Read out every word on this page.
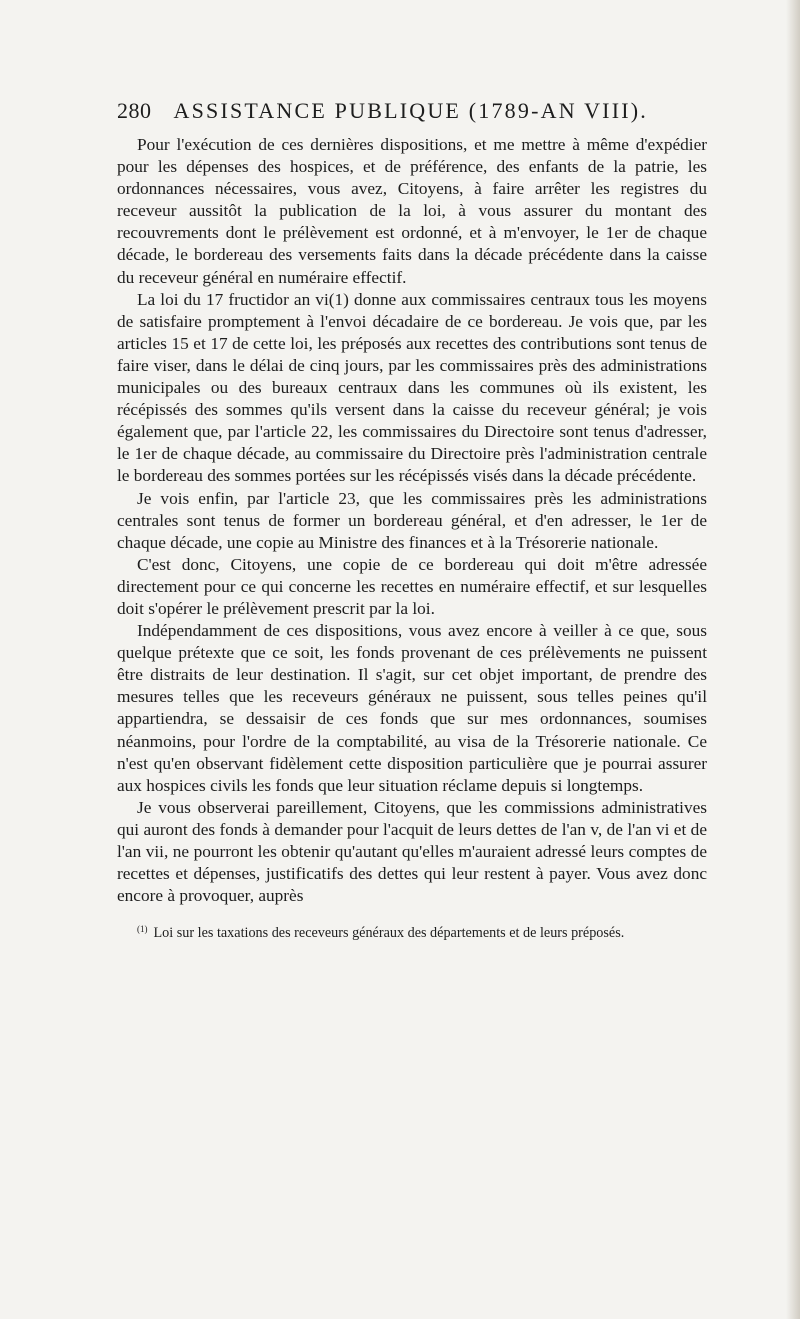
280 ASSISTANCE PUBLIQUE (1789-AN VIII).

Pour l'exécution de ces dernières dispositions, et me mettre à même d'expédier pour les dépenses des hospices, et de préférence, des enfants de la patrie, les ordonnances nécessaires, vous avez, Citoyens, à faire arrêter les registres du receveur aussitôt la publication de la loi, à vous assurer du montant des recouvrements dont le prélèvement est ordonné, et à m'envoyer, le 1er de chaque décade, le bordereau des versements faits dans la décade précédente dans la caisse du receveur général en numéraire effectif.

La loi du 17 fructidor an vi(1) donne aux commissaires centraux tous les moyens de satisfaire promptement à l'envoi décadaire de ce bordereau. Je vois que, par les articles 15 et 17 de cette loi, les préposés aux recettes des contributions sont tenus de faire viser, dans le délai de cinq jours, par les commissaires près des administrations municipales ou des bureaux centraux dans les communes où ils existent, les récépissés des sommes qu'ils versent dans la caisse du receveur général; je vois également que, par l'article 22, les commissaires du Directoire sont tenus d'adresser, le 1er de chaque décade, au commissaire du Directoire près l'administration centrale le bordereau des sommes portées sur les récépissés visés dans la décade précédente.

Je vois enfin, par l'article 23, que les commissaires près les administrations centrales sont tenus de former un bordereau général, et d'en adresser, le 1er de chaque décade, une copie au Ministre des finances et à la Trésorerie nationale.

C'est donc, Citoyens, une copie de ce bordereau qui doit m'être adressée directement pour ce qui concerne les recettes en numéraire effectif, et sur lesquelles doit s'opérer le prélèvement prescrit par la loi.

Indépendamment de ces dispositions, vous avez encore à veiller à ce que, sous quelque prétexte que ce soit, les fonds provenant de ces prélèvements ne puissent être distraits de leur destination. Il s'agit, sur cet objet important, de prendre des mesures telles que les receveurs généraux ne puissent, sous telles peines qu'il appartiendra, se dessaisir de ces fonds que sur mes ordonnances, soumises néanmoins, pour l'ordre de la comptabilité, au visa de la Trésorerie nationale. Ce n'est qu'en observant fidèlement cette disposition particulière que je pourrai assurer aux hospices civils les fonds que leur situation réclame depuis si longtemps.

Je vous observerai pareillement, Citoyens, que les commissions administratives qui auront des fonds à demander pour l'acquit de leurs dettes de l'an v, de l'an vi et de l'an vii, ne pourront les obtenir qu'autant qu'elles m'auraient adressé leurs comptes de recettes et dépenses, justificatifs des dettes qui leur restent à payer. Vous avez donc encore à provoquer, auprès

$^{(1)}$ Loi sur les taxations des receveurs généraux des départements et de leurs préposés.
